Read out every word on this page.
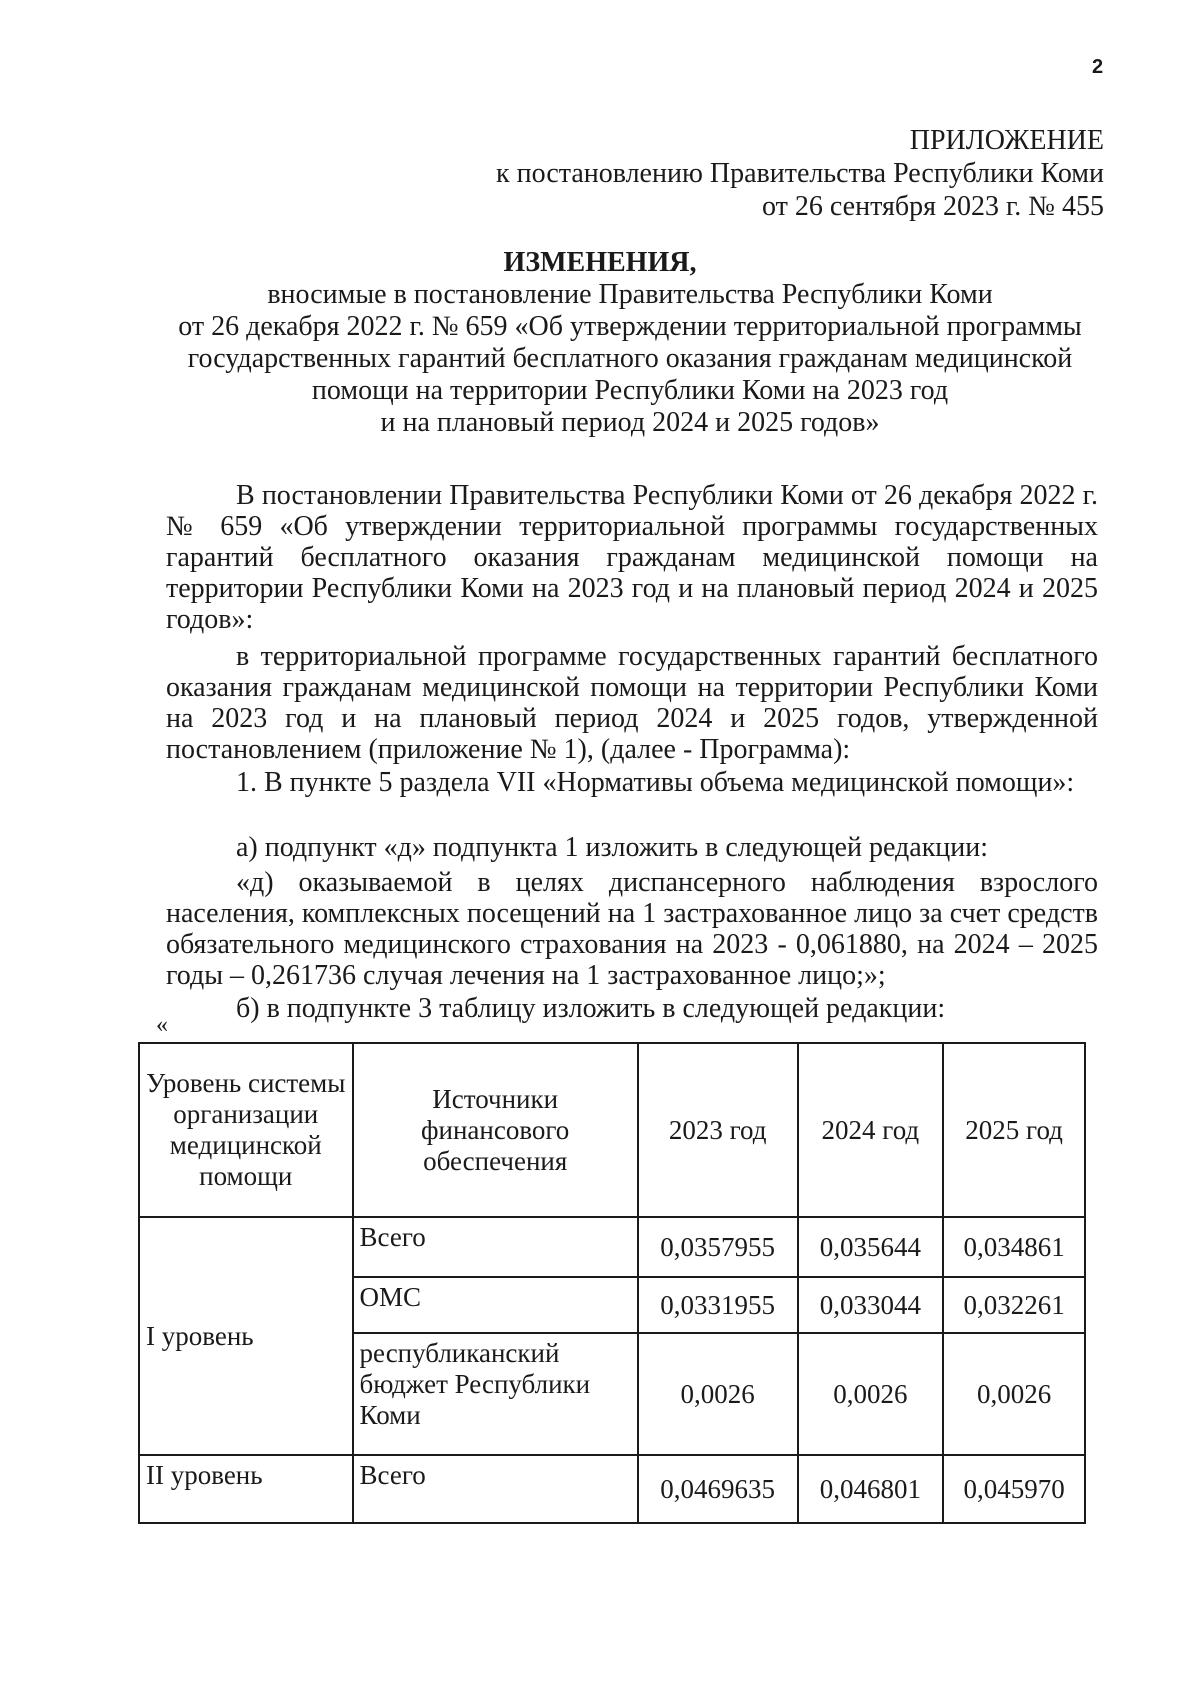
2
ПРИЛОЖЕНИЕ
к постановлению Правительства Республики Коми
от 26 сентября 2023 г. № 455
ИЗМЕНЕНИЯ,
вносимые в постановление Правительства Республики Коми
от 26 декабря 2022 г. № 659 «Об утверждении территориальной программы
государственных гарантий бесплатного оказания гражданам медицинской
помощи на территории Республики Коми на 2023 год
и на плановый период 2024 и 2025 годов»

В постановлении Правительства Республики Коми от 26 декабря 2022 г. № 659 «Об утверждении территориальной программы государственных гарантий бесплатного оказания гражданам медицинской помощи на территории Республики Коми на 2023 год и на плановый период 2024 и 2025 годов»:

в территориальной программе государственных гарантий бесплатного оказания гражданам медицинской помощи на территории Республики Коми на 2023 год и на плановый период 2024 и 2025 годов, утвержденной постановлением (приложение № 1), (далее - Программа):

1. В пункте 5 раздела VII «Нормативы объема медицинской помощи»:

а) подпункт «д» подпункта 1 изложить в следующей редакции:

«д) оказываемой в целях диспансерного наблюдения взрослого населения, комплексных посещений на 1 застрахованное лицо за счет средств обязательного медицинского страхования на 2023 - 0,061880, на 2024 – 2025 годы – 0,261736 случая лечения на 1 застрахованное лицо;»;

б) в подпункте 3 таблицу изложить в следующей редакции:

«
Уровень системы организации медицинской помощи	Источники финансового обеспечения	2023 год	2024 год	2025 год
I уровень	Всего	0,0357955	0,035644	0,034861
	ОМС	0,0331955	0,033044	0,032261
	республиканский бюджет Республики Коми	0,0026	0,0026	0,0026
II уровень	Всего	0,0469635	0,046801	0,045970
